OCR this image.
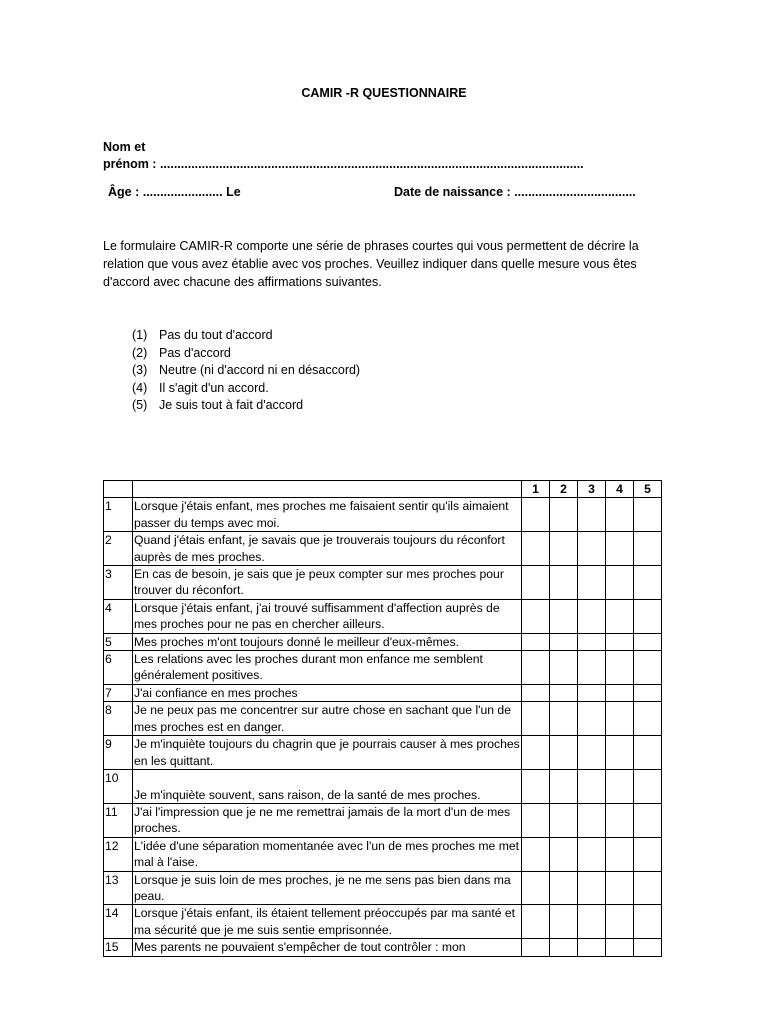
CAMIR -R QUESTIONNAIRE
Nom et
prénom : ..........................................................................................................................
Âge : ....................... Le	Date de naissance : ...................................
Le formulaire CAMIR-R comporte une série de phrases courtes qui vous permettent de décrire la relation que vous avez établie avec vos proches. Veuillez indiquer dans quelle mesure vous êtes d'accord avec chacune des affirmations suivantes.
(1) Pas du tout d'accord
(2) Pas d'accord
(3) Neutre (ni d'accord ni en désaccord)
(4) Il s'agit d'un accord.
(5) Je suis tout à fait d'accord
		1	2	3	4	5
1	Lorsque j'étais enfant, mes proches me faisaient sentir qu'ils aimaient passer du temps avec moi.					
2	Quand j'étais enfant, je savais que je trouverais toujours du réconfort auprès de mes proches.					
3	En cas de besoin, je sais que je peux compter sur mes proches pour trouver du réconfort.					
4	Lorsque j'étais enfant, j'ai trouvé suffisamment d'affection auprès de mes proches pour ne pas en chercher ailleurs.					
5	Mes proches m'ont toujours donné le meilleur d'eux-mêmes.					
6	Les relations avec les proches durant mon enfance me semblent généralement positives.					
7	J'ai confiance en mes proches					
8	Je ne peux pas me concentrer sur autre chose en sachant que l'un de mes proches est en danger.					
9	Je m'inquiète toujours du chagrin que je pourrais causer à mes proches en les quittant.					
10	Je m'inquiète souvent, sans raison, de la santé de mes proches.					
11	J'ai l'impression que je ne me remettrai jamais de la mort d'un de mes proches.					
12	L'idée d'une séparation momentanée avec l'un de mes proches me met mal à l'aise.					
13	Lorsque je suis loin de mes proches, je ne me sens pas bien dans ma peau.					
14	Lorsque j'étais enfant, ils étaient tellement préoccupés par ma santé et ma sécurité que je me suis sentie emprisonnée.					
15	Mes parents ne pouvaient s'empêcher de tout contrôler : mon					
